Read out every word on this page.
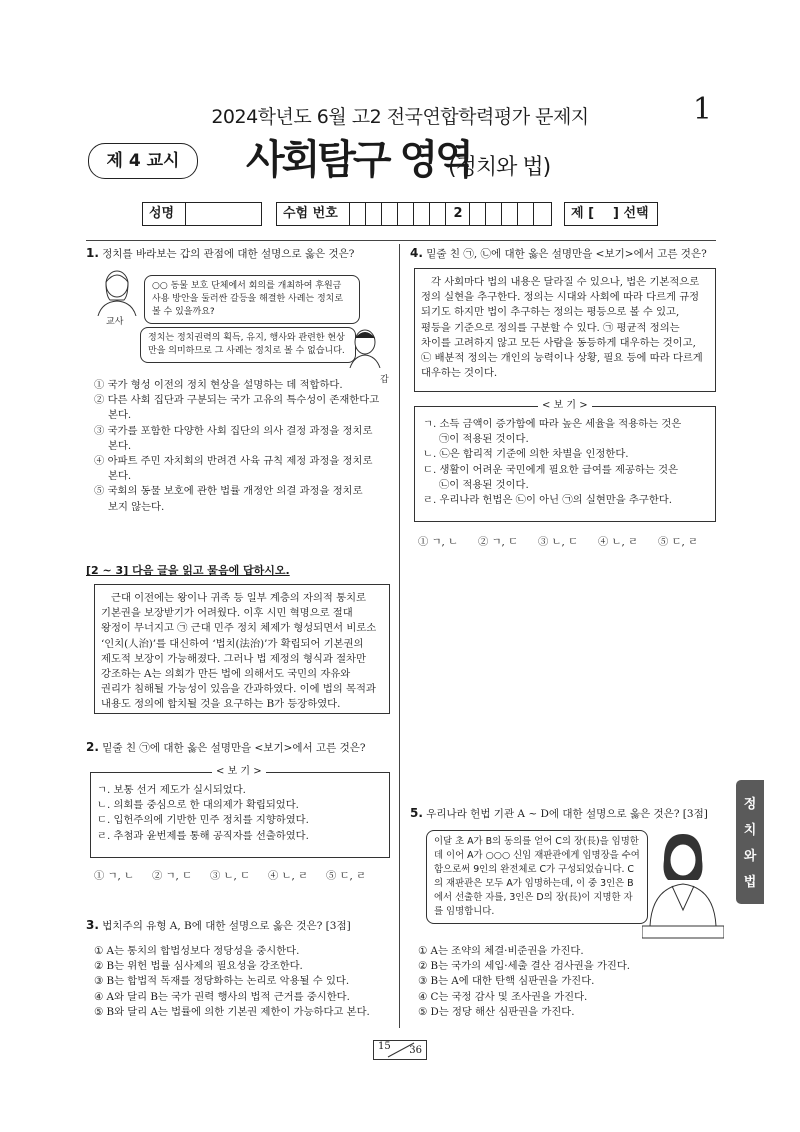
2024학년도 6월 고2 전국연합학력평가 문제지	1
제 4 교시	사회탐구 영역
(정치와 법)
성명	수험 번호	2	제 [ ] 선택
1. 정치를 바라보는 갑의 관점에 대한 설명으로 옳은 것은?
교사
○○ 동물 보호 단체에서 회의를 개최하여 후원금 사용 방안을 둘러싼 갈등을 해결한 사례는 정치로 볼 수 있을까요?
정치는 정치권력의 획득, 유지, 행사와 관련한 현상만을 의미하므로 그 사례는 정치로 볼 수 없습니다.
갑
① 국가 형성 이전의 정치 현상을 설명하는 데 적합하다.
② 다른 사회 집단과 구분되는 국가 고유의 특수성이 존재한다고
본다.
③ 국가를 포함한 다양한 사회 집단의 의사 결정 과정을 정치로
본다.
④ 아파트 주민 자치회의 반려견 사육 규칙 제정 과정을 정치로
본다.
⑤ 국회의 동물 보호에 관한 법률 개정안 의결 과정을 정치로
보지 않는다.
[2 ~ 3] 다음 글을 읽고 물음에 답하시오.
근대 이전에는 왕이나 귀족 등 일부 계층의 자의적 통치로
기본권을 보장받기가 어려웠다. 이후 시민 혁명으로 절대
왕정이 무너지고 ㉠ 근대 민주 정치 체제가 형성되면서 비로소
‘인치(人治)’를 대신하여 ‘법치(法治)’가 확립되어 기본권의
제도적 보장이 가능해졌다. 그러나 법 제정의 형식과 절차만
강조하는 A는 의회가 만든 법에 의해서도 국민의 자유와
권리가 침해될 가능성이 있음을 간과하였다. 이에 법의 목적과
내용도 정의에 합치될 것을 요구하는 B가 등장하였다.
2. 밑줄 친 ㉠에 대한 옳은 설명만을 <보기>에서 고른 것은?
ㄱ. 보통 선거 제도가 실시되었다.
ㄴ. 의회를 중심으로 한 대의제가 확립되었다.
ㄷ. 입헌주의에 기반한 민주 정치를 지향하였다.
ㄹ. 추첨과 윤번제를 통해 공직자를 선출하였다.
< 보 기 >
① ㄱ, ㄴ ② ㄱ, ㄷ ③ ㄴ, ㄷ ④ ㄴ, ㄹ ⑤ ㄷ, ㄹ
3. 법치주의 유형 A, B에 대한 설명으로 옳은 것은? [3점]
① A는 통치의 합법성보다 정당성을 중시한다.
② B는 위헌 법률 심사제의 필요성을 강조한다.
③ B는 합법적 독재를 정당화하는 논리로 악용될 수 있다.
④ A와 달리 B는 국가 권력 행사의 법적 근거를 중시한다.
⑤ B와 달리 A는 법률에 의한 기본권 제한이 가능하다고 본다.
4. 밑줄 친 ㉠, ㉡에 대한 옳은 설명만을 <보기>에서 고른 것은?
각 사회마다 법의 내용은 달라질 수 있으나, 법은 기본적으로
정의 실현을 추구한다. 정의는 시대와 사회에 따라 다르게 규정
되기도 하지만 법이 추구하는 정의는 평등으로 볼 수 있고,
평등을 기준으로 정의를 구분할 수 있다. ㉠ 평균적 정의는
차이를 고려하지 않고 모든 사람을 동등하게 대우하는 것이고,
㉡ 배분적 정의는 개인의 능력이나 상황, 필요 등에 따라 다르게
대우하는 것이다.
ㄱ. 소득 금액이 증가함에 따라 높은 세율을 적용하는 것은
㉠이 적용된 것이다.
ㄴ. ㉡은 합리적 기준에 의한 차별을 인정한다.
ㄷ. 생활이 어려운 국민에게 필요한 급여를 제공하는 것은
㉡이 적용된 것이다.
ㄹ. 우리나라 헌법은 ㉡이 아닌 ㉠의 실현만을 추구한다.
< 보 기 >
① ㄱ, ㄴ ② ㄱ, ㄷ ③ ㄴ, ㄷ ④ ㄴ, ㄹ ⑤ ㄷ, ㄹ
5. 우리나라 헌법 기관 A ~ D에 대한 설명으로 옳은 것은? [3점]
이달 초 A가 B의 동의를 얻어 C의 장(長)을 임명한 데 이어 A가 ○○○ 신임 재판관에게 임명장을 수여함으로써 9인의 완전체로 C가 구성되었습니다. C의 재판관은 모두 A가 임명하는데, 이 중 3인은 B에서 선출한 자를, 3인은 D의 장(長)이 지명한 자를 임명합니다.
① A는 조약의 체결·비준권을 가진다.
② B는 국가의 세입·세출 결산 검사권을 가진다.
③ B는 A에 대한 탄핵 심판권을 가진다.
④ C는 국정 감사 및 조사권을 가진다.
⑤ D는 정당 해산 심판권을 가진다.
정
치
와
법
15 36
